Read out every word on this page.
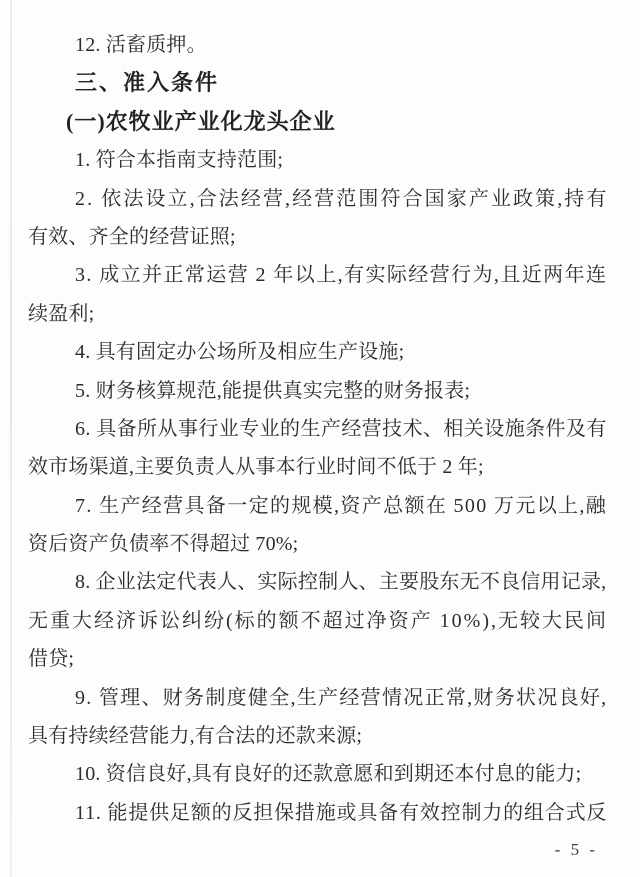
12. 活畜质押。
三、准入条件
(一)农牧业产业化龙头企业
1. 符合本指南支持范围;
2. 依法设立,合法经营,经营范围符合国家产业政策,持有
有效、齐全的经营证照;
3. 成立并正常运营 2 年以上,有实际经营行为,且近两年连
续盈利;
4. 具有固定办公场所及相应生产设施;
5. 财务核算规范,能提供真实完整的财务报表;
6. 具备所从事行业专业的生产经营技术、相关设施条件及有
效市场渠道,主要负责人从事本行业时间不低于 2 年;
7. 生产经营具备一定的规模,资产总额在 500 万元以上,融
资后资产负债率不得超过 70%;
8. 企业法定代表人、实际控制人、主要股东无不良信用记录,
无重大经济诉讼纠纷(标的额不超过净资产 10%),无较大民间
借贷;
9. 管理、财务制度健全,生产经营情况正常,财务状况良好,
具有持续经营能力,有合法的还款来源;
10. 资信良好,具有良好的还款意愿和到期还本付息的能力;
11. 能提供足额的反担保措施或具备有效控制力的组合式反
- 5 -
